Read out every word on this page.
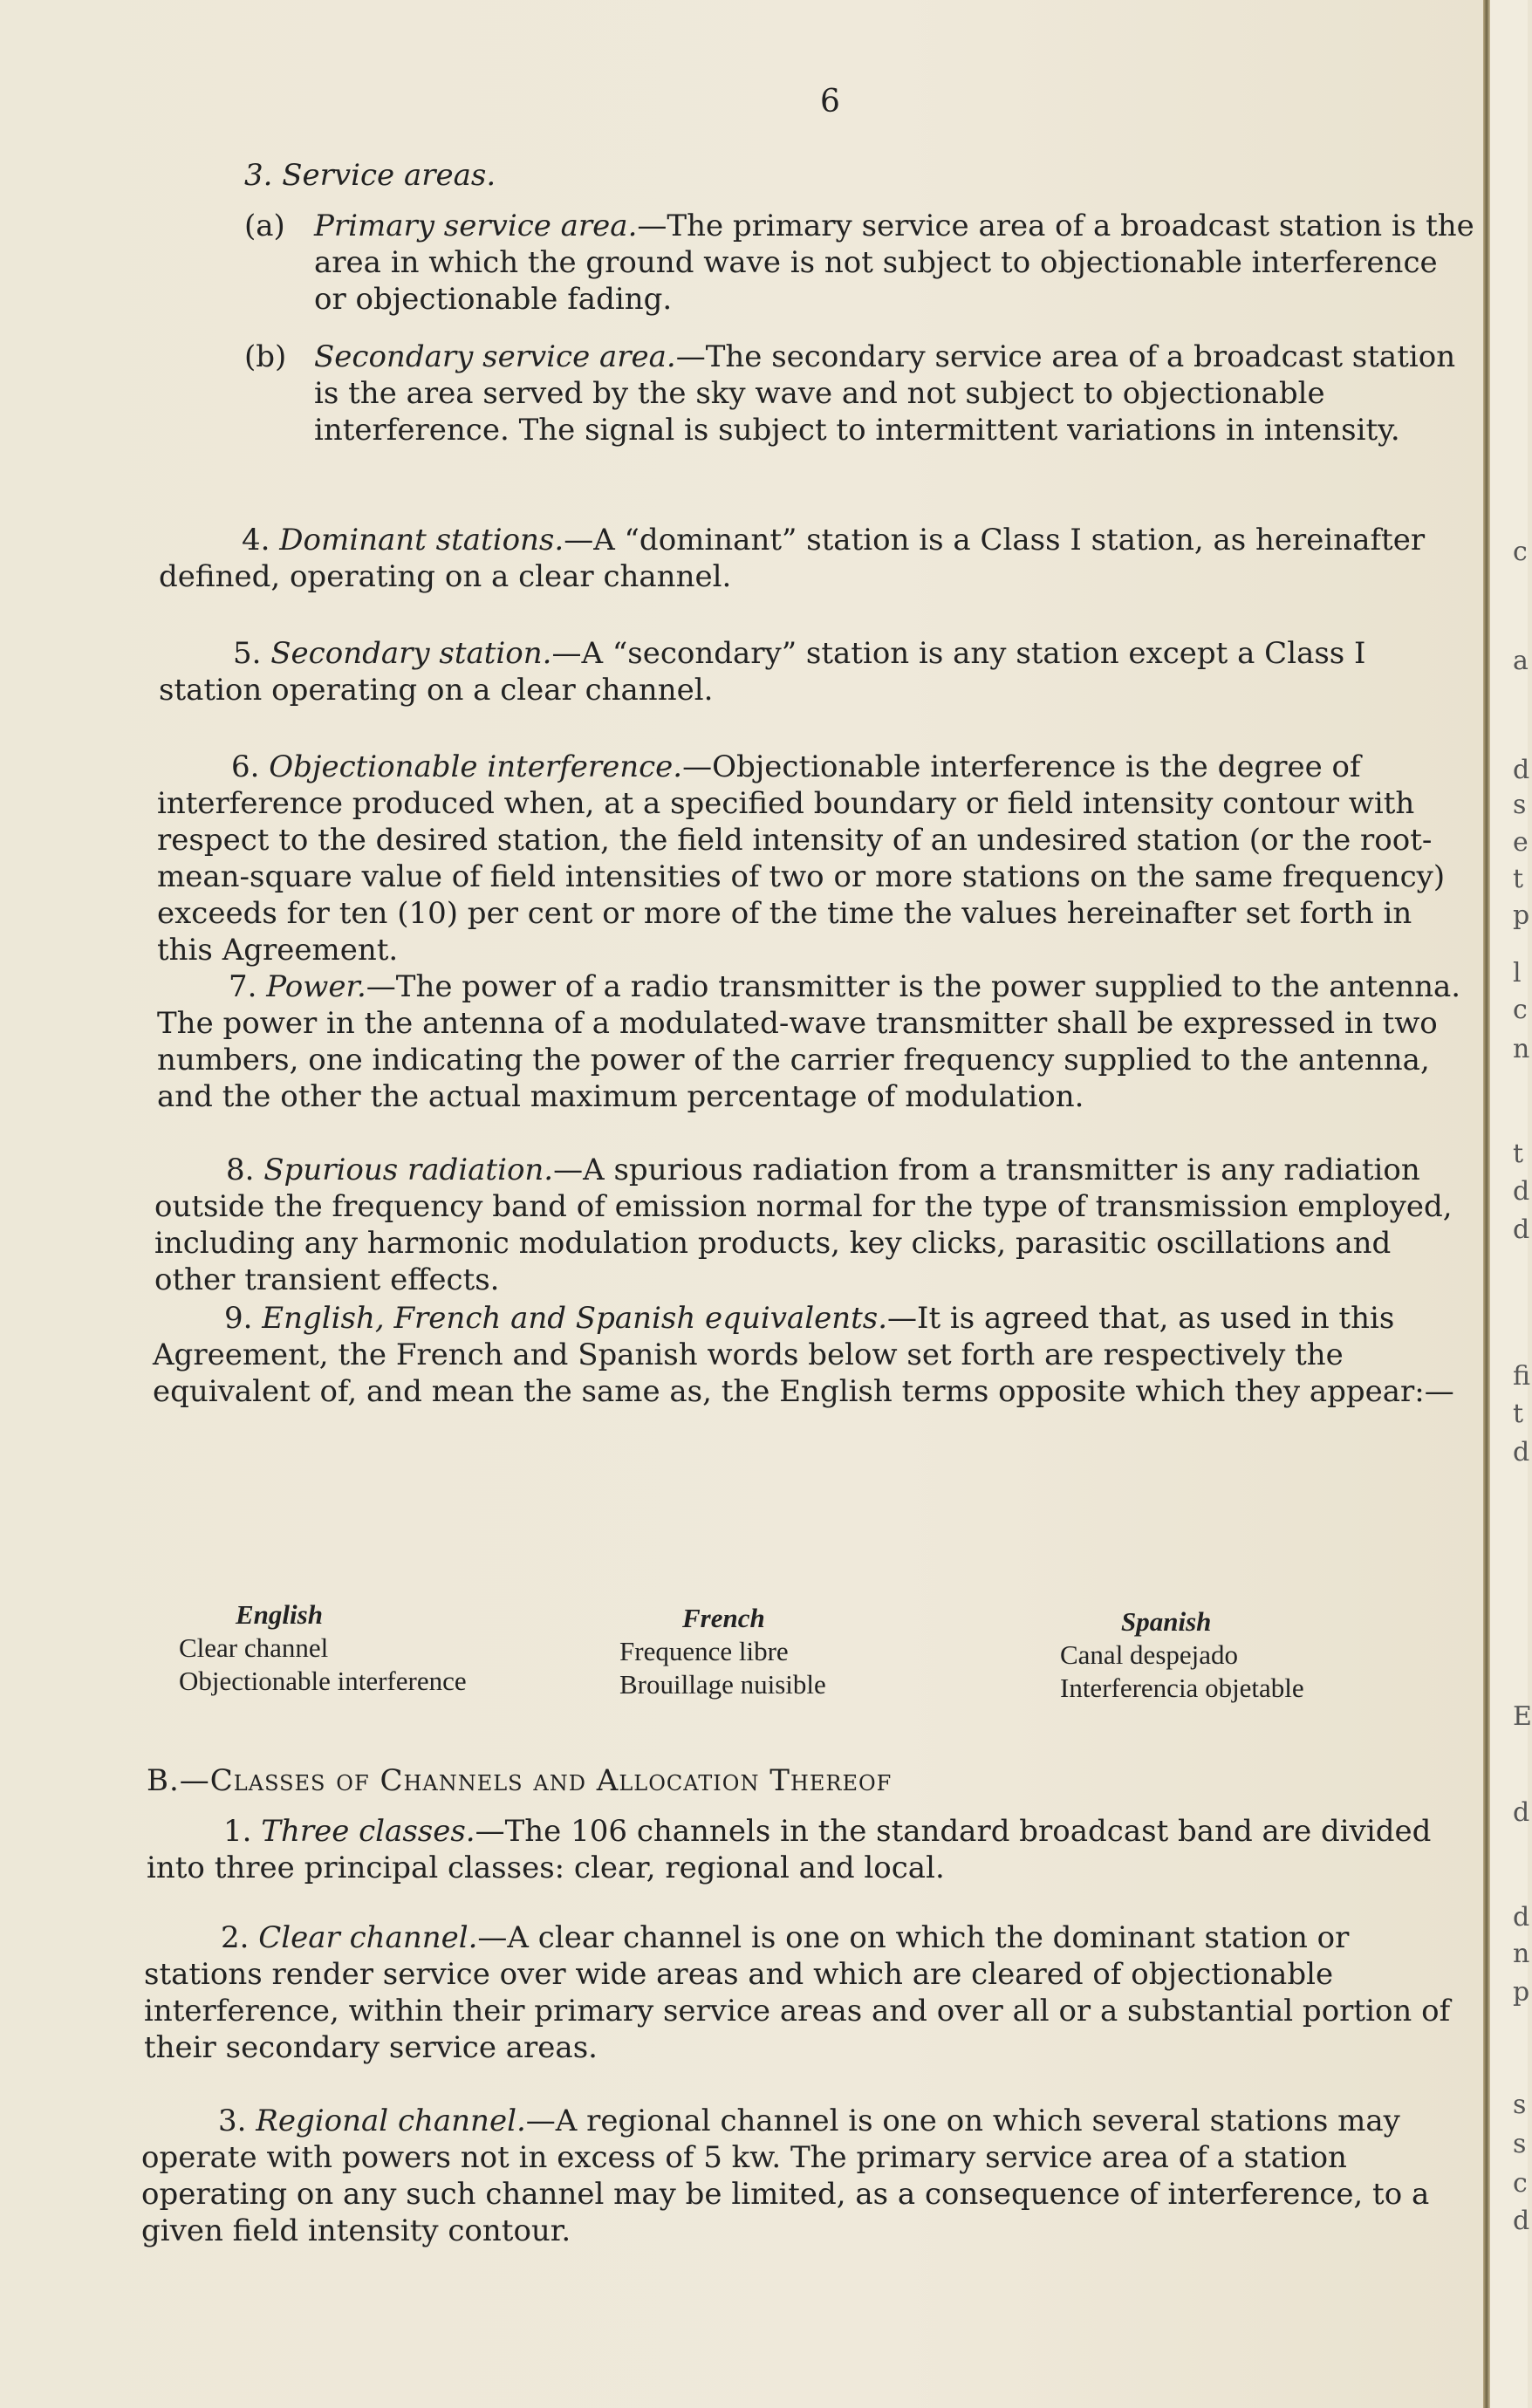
6

3. Service areas.

(a) Primary service area.—The primary service area of a broadcast station is the area in which the ground wave is not subject to objectionable interference or objectionable fading.

(b) Secondary service area.—The secondary service area of a broadcast station is the area served by the sky wave and not subject to objectionable interference. The signal is subject to intermittent variations in intensity.

4. Dominant stations.—A “dominant” station is a Class I station, as hereinafter defined, operating on a clear channel.

5. Secondary station.—A “secondary” station is any station except a Class I station operating on a clear channel.

6. Objectionable interference.—Objectionable interference is the degree of interference produced when, at a specified boundary or field intensity contour with respect to the desired station, the field intensity of an undesired station (or the root-mean-square value of field intensities of two or more stations on the same frequency) exceeds for ten (10) per cent or more of the time the values hereinafter set forth in this Agreement.

7. Power.—The power of a radio transmitter is the power supplied to the antenna. The power in the antenna of a modulated-wave transmitter shall be expressed in two numbers, one indicating the power of the carrier frequency supplied to the antenna, and the other the actual maximum percentage of modulation.

8. Spurious radiation.—A spurious radiation from a transmitter is any radiation outside the frequency band of emission normal for the type of transmission employed, including any harmonic modulation products, key clicks, parasitic oscillations and other transient effects.

9. English, French and Spanish equivalents.—It is agreed that, as used in this Agreement, the French and Spanish words below set forth are respectively the equivalent of, and mean the same as, the English terms opposite which they appear:—

English
Clear channel
Objectionable interference
French
Frequence libre
Brouillage nuisible
Spanish
Canal despejado
Interferencia objetable
B.—Classes of Channels and Allocation Thereof

1. Three classes.—The 106 channels in the standard broadcast band are divided into three principal classes: clear, regional and local.

2. Clear channel.—A clear channel is one on which the dominant station or stations render service over wide areas and which are cleared of objectionable interference, within their primary service areas and over all or a substantial portion of their secondary service areas.

3. Regional channel.—A regional channel is one on which several stations may operate with powers not in excess of 5 kw. The primary service area of a station operating on any such channel may be limited, as a consequence of interference, to a given field intensity contour.

c
a
d
s
e
t
p
l
c
n
t
d
d
fi
t
d
E
d
d
n
p
s
s
c
d
